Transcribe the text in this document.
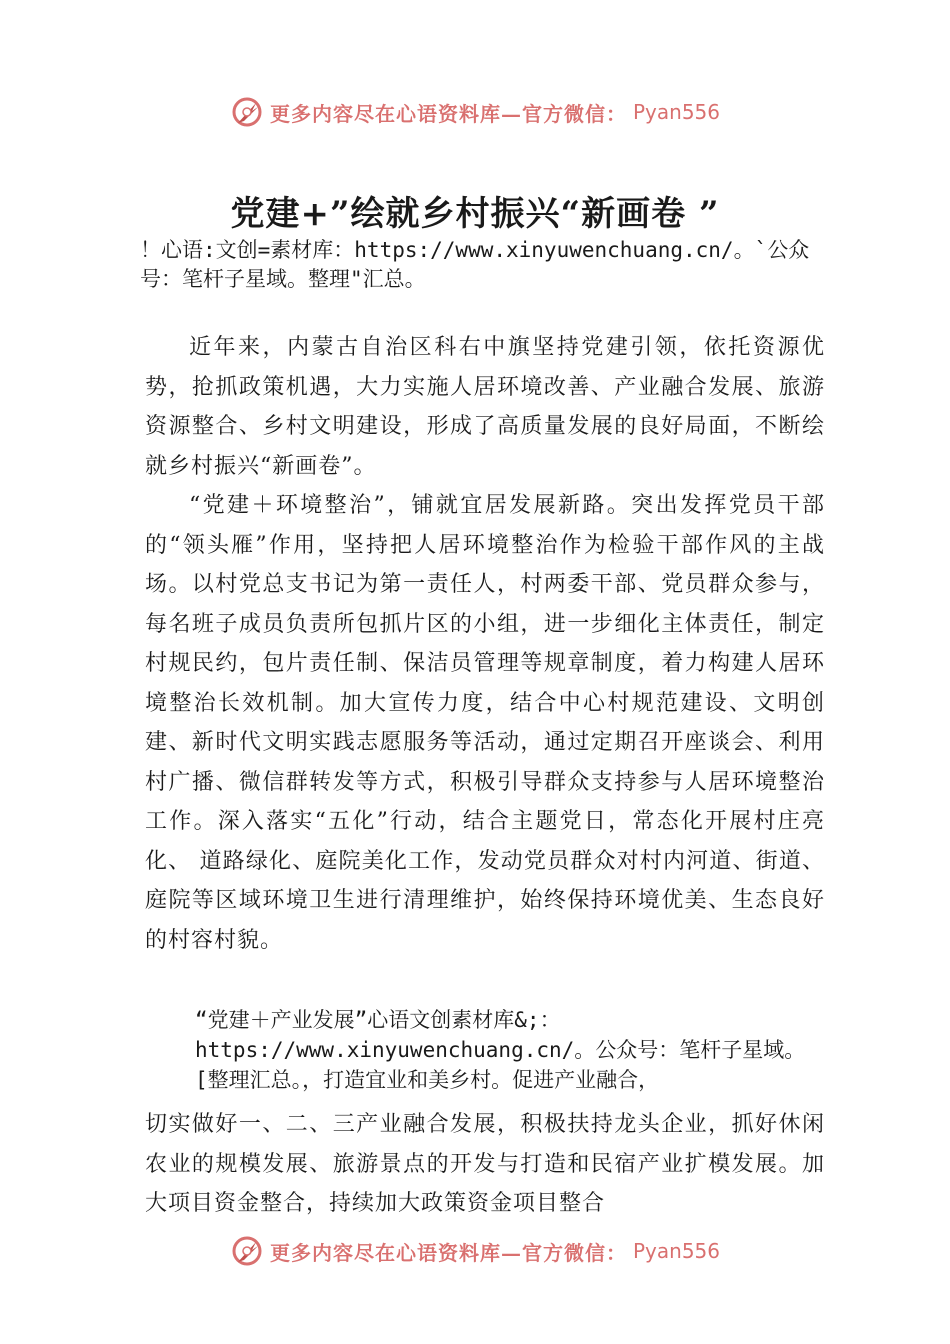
更多内容尽在心语资料库—官方微信： Pyan556
党建+”绘就乡村振兴“新画卷 ”
！心语:文创=素材库：https://www.xinyuwenchuang.cn/。`公众号：笔杆子星域。整理"汇总。
近年来，内蒙古自治区科右中旗坚持党建引领，依托资源优势，抢抓政策机遇，大力实施人居环境改善、产业融合发展、旅游资源整合、乡村文明建设，形成了高质量发展的良好局面，不断绘就乡村振兴“新画卷”。
“党建＋环境整治”，铺就宜居发展新路。突出发挥党员干部的“领头雁”作用，坚持把人居环境整治作为检验干部作风的主战场。以村党总支书记为第一责任人，村两委干部、党员群众参与，每名班子成员负责所包抓片区的小组，进一步细化主体责任，制定村规民约，包片责任制、保洁员管理等规章制度，着力构建人居环境整治长效机制。加大宣传力度，结合中心村规范建设、文明创建、新时代文明实践志愿服务等活动，通过定期召开座谈会、利用村广播、微信群转发等方式，积极引导群众支持参与人居环境整治工作。深入落实“五化”行动，结合主题党日，常态化开展村庄亮化、 道路绿化、庭院美化工作，发动党员群众对村内河道、街道、庭院等区域环境卫生进行清理维护，始终保持环境优美、生态良好的村容村貌。
“党建＋产业发展”心语文创素材库&;：https://www.xinyuwenchuang.cn/。公众号：笔杆子星域。[整理汇总。，打造宜业和美乡村。促进产业融合，
切实做好一、二、三产业融合发展，积极扶持龙头企业，抓好休闲农业的规模发展、旅游景点的开发与打造和民宿产业扩模发展。加大项目资金整合，持续加大政策资金项目整合
更多内容尽在心语资料库—官方微信： Pyan556
